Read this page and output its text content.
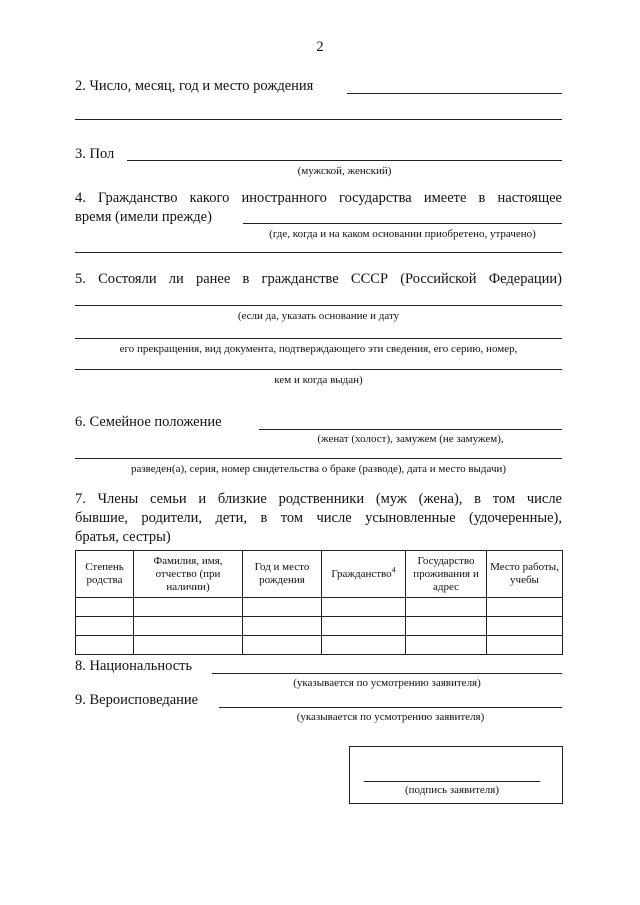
2
2. Число, месяц, год и место рождения
3. Пол
(мужской, женский)
4. Гражданство какого иностранного государства имеете в настоящее
время (имели прежде)
(где, когда и на каком основании приобретено, утрачено)
5. Состояли ли ранее в гражданстве СССР (Российской Федерации)
(если да, указать основание и дату
его прекращения, вид документа, подтверждающего эти сведения, его серию, номер,
кем и когда выдан)
6. Семейное положение
(женат (холост), замужем (не замужем),
разведен(а), серия, номер свидетельства о браке (разводе), дата и место выдачи)
7. Члены семьи и близкие родственники (муж (жена), в том числе
бывшие, родители, дети, в том числе усыновленные (удочеренные),
братья, сестры)
Степень родства	Фамилия, имя, отчество (при наличии)	Год и место рождения	Гражданство$^4$	Государство проживания и адрес	Место работы, учебы

8. Национальность
(указывается по усмотрению заявителя)
9. Вероисповедание
(указывается по усмотрению заявителя)
(подпись заявителя)
